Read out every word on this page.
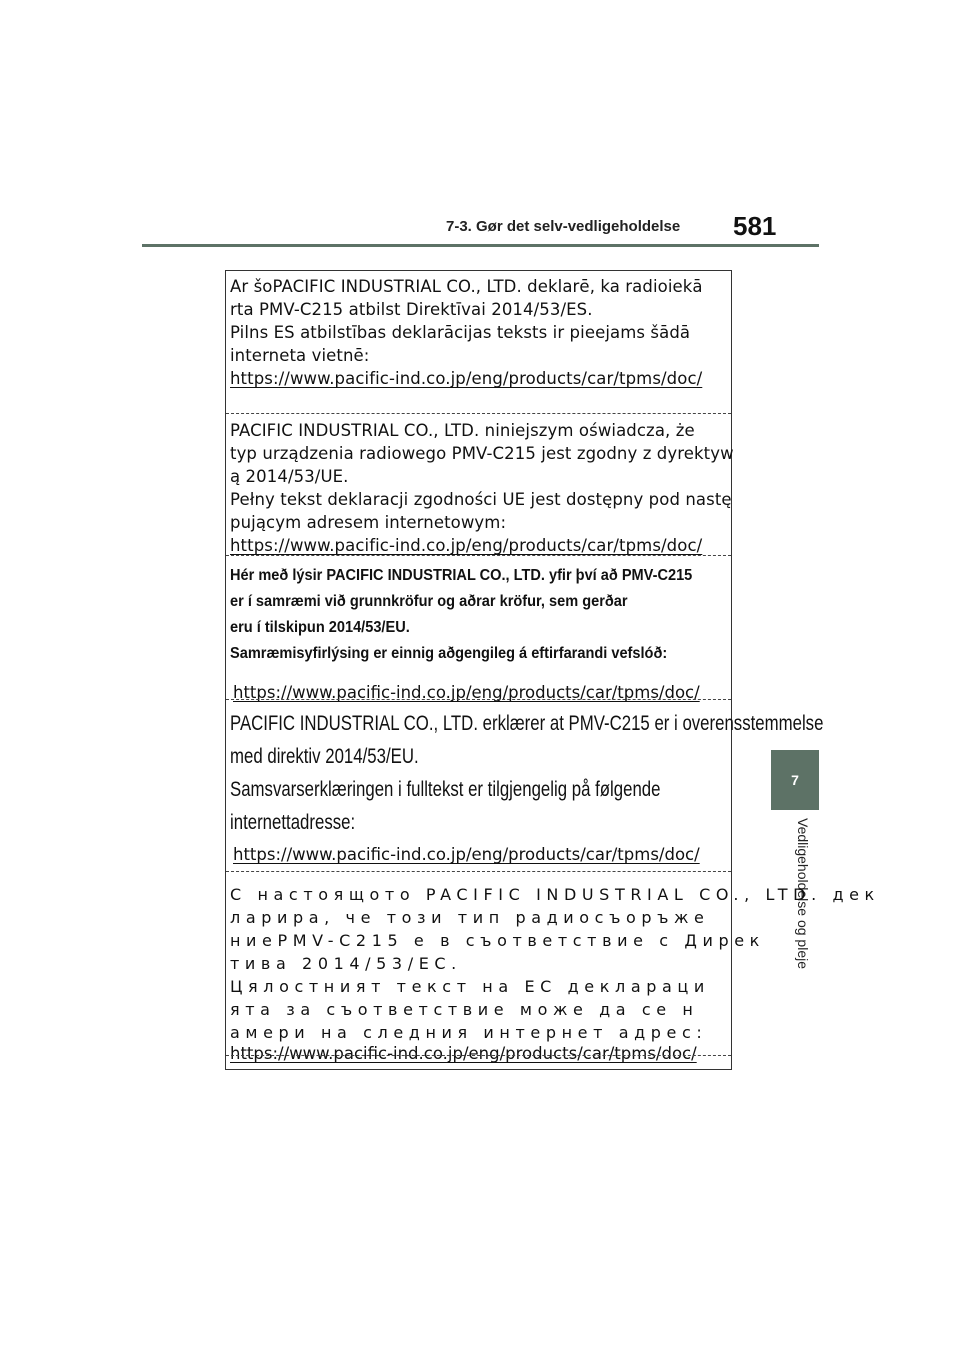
7-3. Gør det selv-vedligeholdelse 581
7
Vedligeholdelse og pleje
Ar šoPACIFIC INDUSTRIAL CO., LTD. deklarē, ka radioiekā
rta PMV-C215 atbilst Direktīvai 2014/53/ES.
Pilns ES atbilstības deklarācijas teksts ir pieejams šādā
interneta vietnē:
https://www.pacific-ind.co.jp/eng/products/car/tpms/doc/
PACIFIC INDUSTRIAL CO., LTD. niniejszym oświadcza, że
typ urządzenia radiowego PMV-C215 jest zgodny z dyrektyw
ą 2014/53/UE.
Pełny tekst deklaracji zgodności UE jest dostępny pod nastę
pującym adresem internetowym:
https://www.pacific-ind.co.jp/eng/products/car/tpms/doc/
Hér með lýsir PACIFIC INDUSTRIAL CO., LTD. yfir því að PMV-C215
er í samræmi við grunnkröfur og aðrar kröfur, sem gerðar
eru í tilskipun 2014/53/EU.
Samræmisyfirlýsing er einnig aðgengileg á eftirfarandi vefslóð:
https://www.pacific-ind.co.jp/eng/products/car/tpms/doc/
PACIFIC INDUSTRIAL CO., LTD. erklærer at PMV-C215 er i overensstemmelse
med direktiv 2014/53/EU.
Samsvarserklæringen i fulltekst er tilgjengelig på følgende
internettadresse:
https://www.pacific-ind.co.jp/eng/products/car/tpms/doc/
С настоящото PACIFIC INDUSTRIAL CO., LTD. дек
ларира, че този тип радиосъоръже
ниеPMV-C215 е в съответствие с Дирек
тива 2014/53/ЕС.
Цялостният текст на ЕС деклараци
ята за съответствие може да се н
амери на следния интернет адрес:
https://www.pacific-ind.co.jp/eng/products/car/tpms/doc/
